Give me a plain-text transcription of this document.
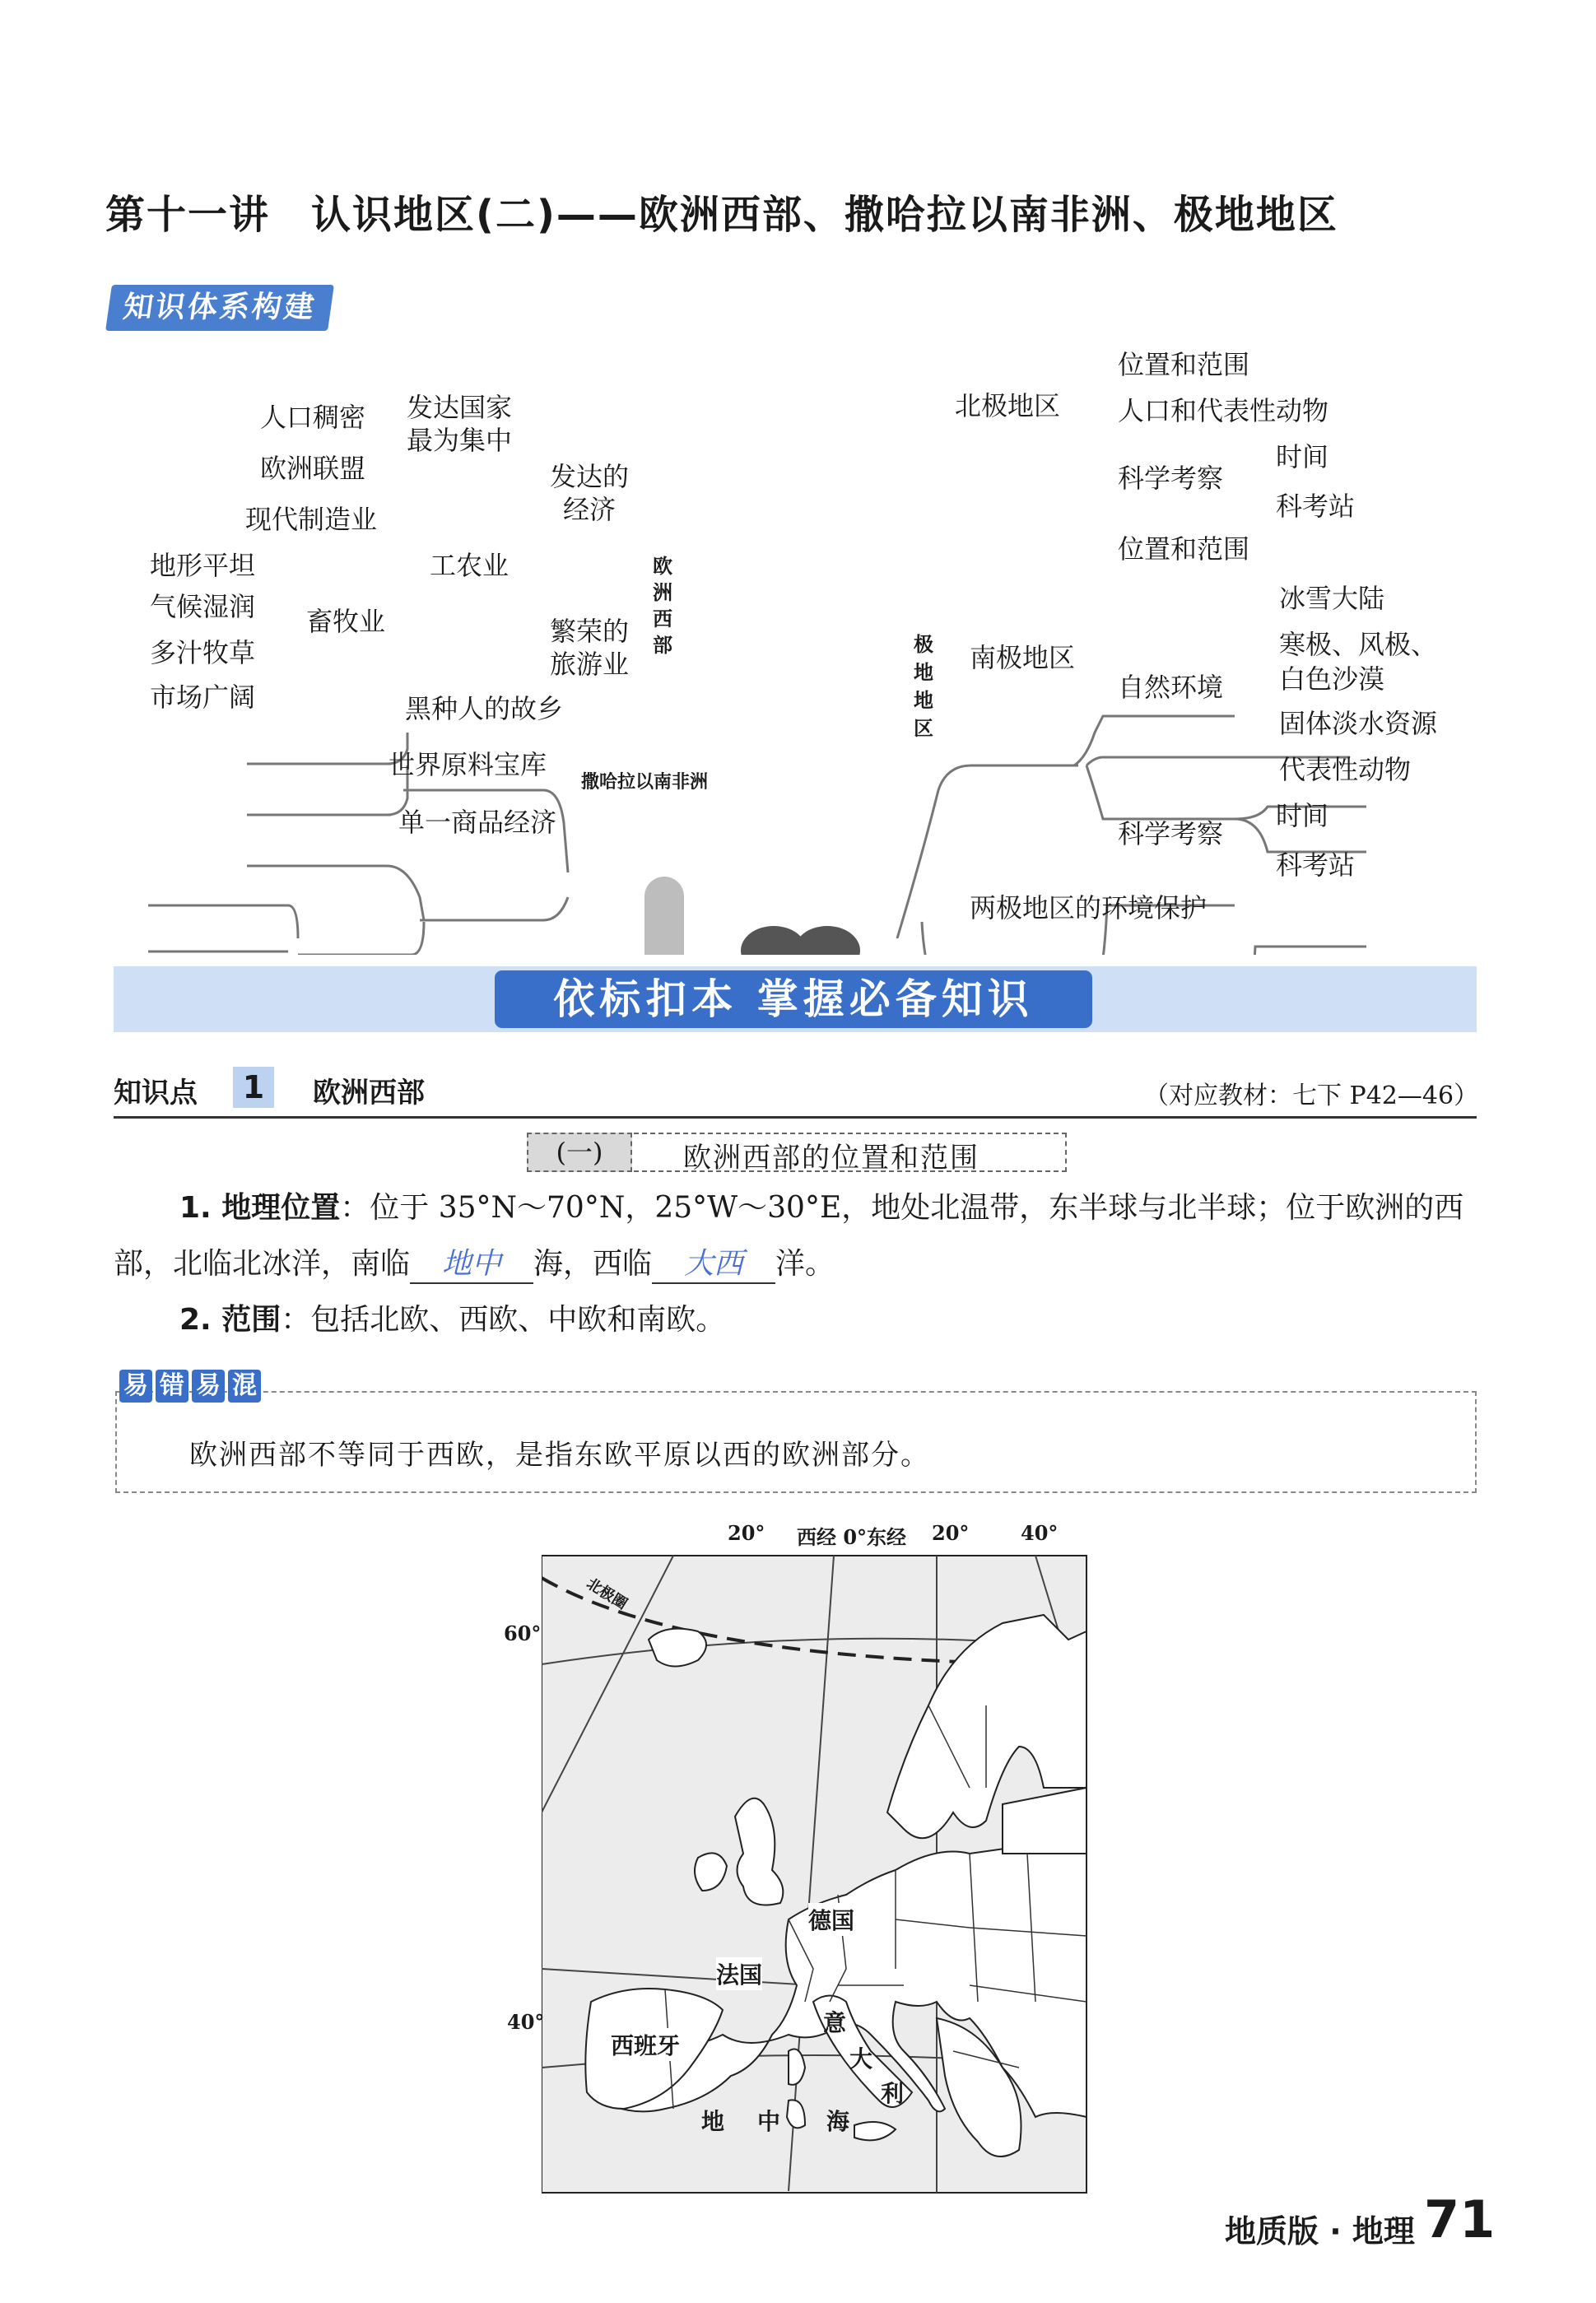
第十一讲　认识地区(二)——欧洲西部、撒哈拉以南非洲、极地地区
知识体系构建
认识地区
(二)
欧洲西部	极地地区
撒哈拉以南非洲
人口稠密 发达国家
最为集中
欧洲联盟	发达的
经济
现代制造业
工农业
地形平坦
气候湿润 畜牧业
多汁牧草
市场广阔
繁荣的
旅游业
黑种人的故乡
世界原料宝库
单一商品经济
北极地区
位置和范围
人口和代表性动物
科学考察
时间
科考站
南极地区
位置和范围
自然环境
科学考察
冰雪大陆
寒极、风极、
白色沙漠
固体淡水资源
代表性动物
时间
科考站
两极地区的环境保护
依标扣本 掌握必备知识
知识点	1	欧洲西部	（对应教材：七下 P42—46）
(一)	欧洲西部的位置和范围
1. 地理位置：位于 35°N～70°N，25°W～30°E，地处北温带，东半球与北半球；位于欧洲的西
部，北临北冰洋，南临 地中 海，西临 大西 洋。
2. 范围：包括北欧、西欧、中欧和南欧。
易 错 易 混
欧洲西部不等同于西欧，是指东欧平原以西的欧洲部分。
20° 西经 0°东经 20°	40°
60°
40°
北极圈
德国
法国
西班牙
意
大
利
地 中 海
地质版 · 地理 71
